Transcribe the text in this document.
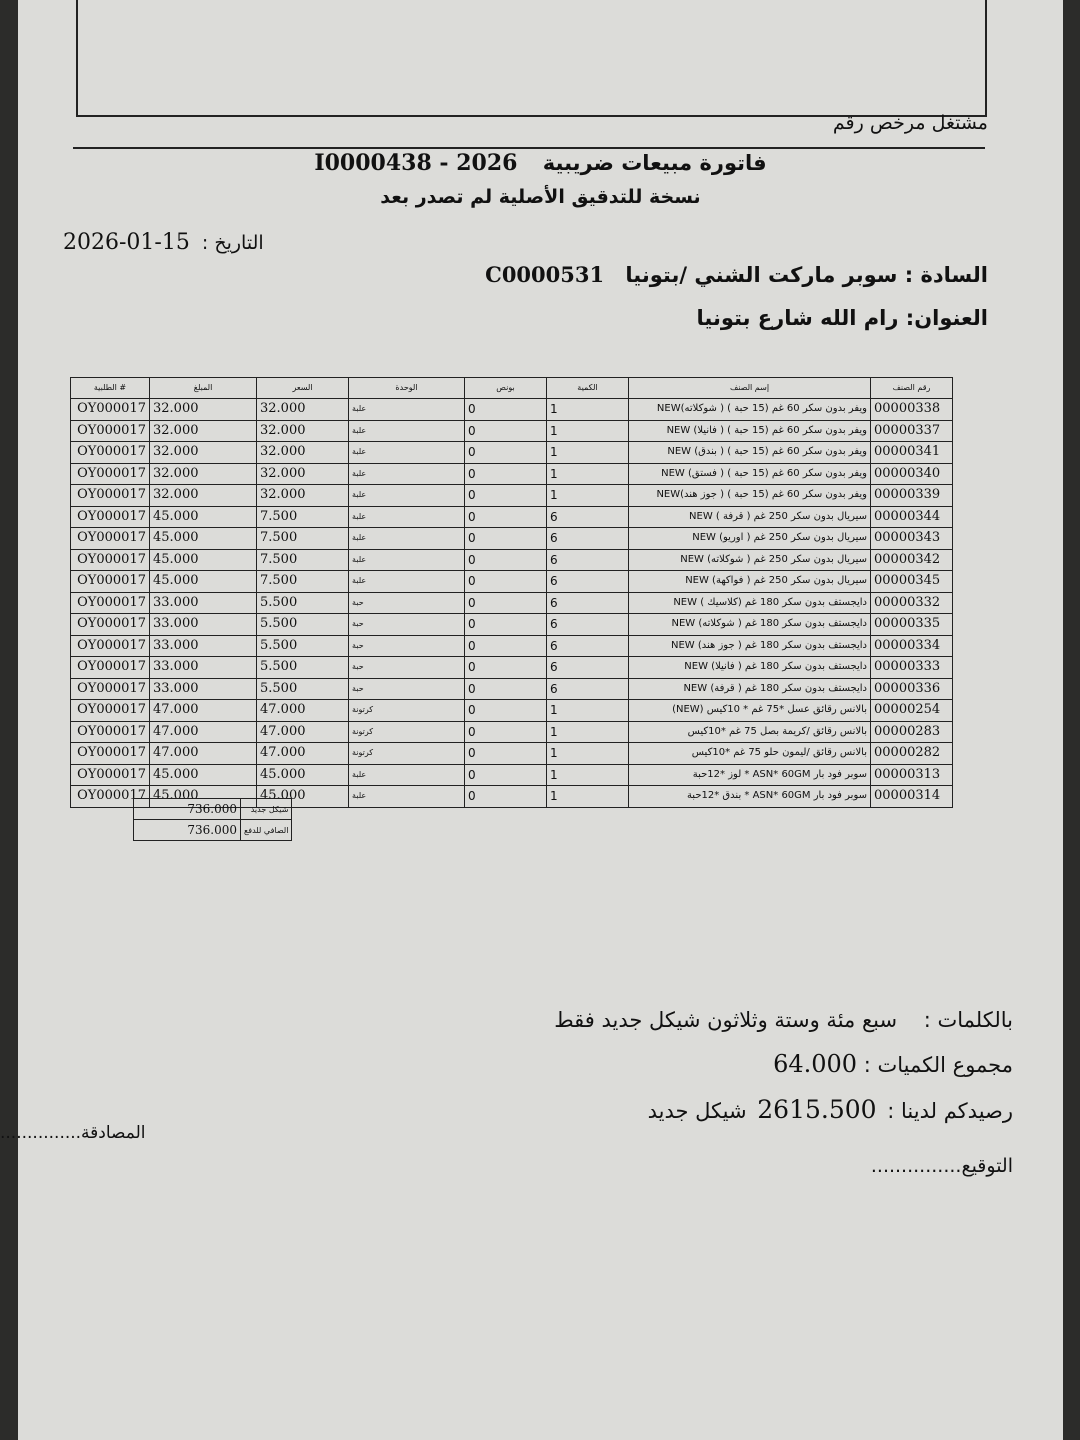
مشتغل مرخص رقم
فاتورة مبيعات ضريبية I0000438 - 2026
نسخة للتدقيق الأصلية لم تصدر بعد
التاريخ : 2026-01-15
السادة : سوبر ماركت الشني /بتونيا C0000531
العنوان: رام الله شارع بتونيا
رقم الصنف	إسم الصنف	الكمية	بونص	الوحدة	السعر	المبلغ	# الطلبية
00000338	ويفر بدون سكر 60 غم (15 حبة ) ( شوكلاته)NEW	1	0	علبة	32.000	32.000	OY000017
00000337	ويفر بدون سكر 60 غم (15 حبة ) ( فانيلا) NEW	1	0	علبة	32.000	32.000	OY000017
00000341	ويفر بدون سكر 60 غم (15 حبة ) ( بندق) NEW	1	0	علبة	32.000	32.000	OY000017
00000340	ويفر بدون سكر 60 غم (15 حبة ) ( فستق) NEW	1	0	علبة	32.000	32.000	OY000017
00000339	ويفر بدون سكر 60 غم (15 حبة ) ( جوز هند)NEW	1	0	علبة	32.000	32.000	OY000017
00000344	سيريال بدون سكر 250 غم ( قرفة ) NEW	6	0	علبة	7.500	45.000	OY000017
00000343	سيريال بدون سكر 250 غم ( اوريو) NEW	6	0	علبة	7.500	45.000	OY000017
00000342	سيريال بدون سكر 250 غم ( شوكلاته) NEW	6	0	علبة	7.500	45.000	OY000017
00000345	سيريال بدون سكر 250 غم ( فواكهة) NEW	6	0	علبة	7.500	45.000	OY000017
00000332	دايجستف بدون سكر 180 غم (كلاسيك ) NEW	6	0	حبة	5.500	33.000	OY000017
00000335	دايجستف بدون سكر 180 غم ( شوكلاته) NEW	6	0	حبة	5.500	33.000	OY000017
00000334	دايجستف بدون سكر 180 غم ( جوز هند) NEW	6	0	حبة	5.500	33.000	OY000017
00000333	دايجستف بدون سكر 180 غم ( فانيلا) NEW	6	0	حبة	5.500	33.000	OY000017
00000336	دايجستف بدون سكر 180 غم ( قرفة) NEW	6	0	حبة	5.500	33.000	OY000017
00000254	بالانس رقائق عسل *75 غم * 10كيس (NEW)	1	0	كرتونة	47.000	47.000	OY000017
00000283	بالانس رقائق /كريمة بصل 75 غم *10كيس	1	0	كرتونة	47.000	47.000	OY000017
00000282	بالانس رقائق /ليمون حلو 75 غم *10كيس	1	0	كرتونة	47.000	47.000	OY000017
00000313	سوبر فود بار ASN* 60GM * لوز *12حبة	1	0	علبة	45.000	45.000	OY000017
00000314	سوبر فود بار ASN* 60GM * بندق *12حبة	1	0	علبة	45.000	45.000	OY000017
شيكل جديد	736.000
الصافي للدفع	736.000
بالكلمات : سبع مئة وستة وثلاثون شيكل جديد فقط
مجموع الكميات : 64.000
رصيدكم لدينا : 2615.500 شيكل جديد
التوقيع...............
المصادقة...............
